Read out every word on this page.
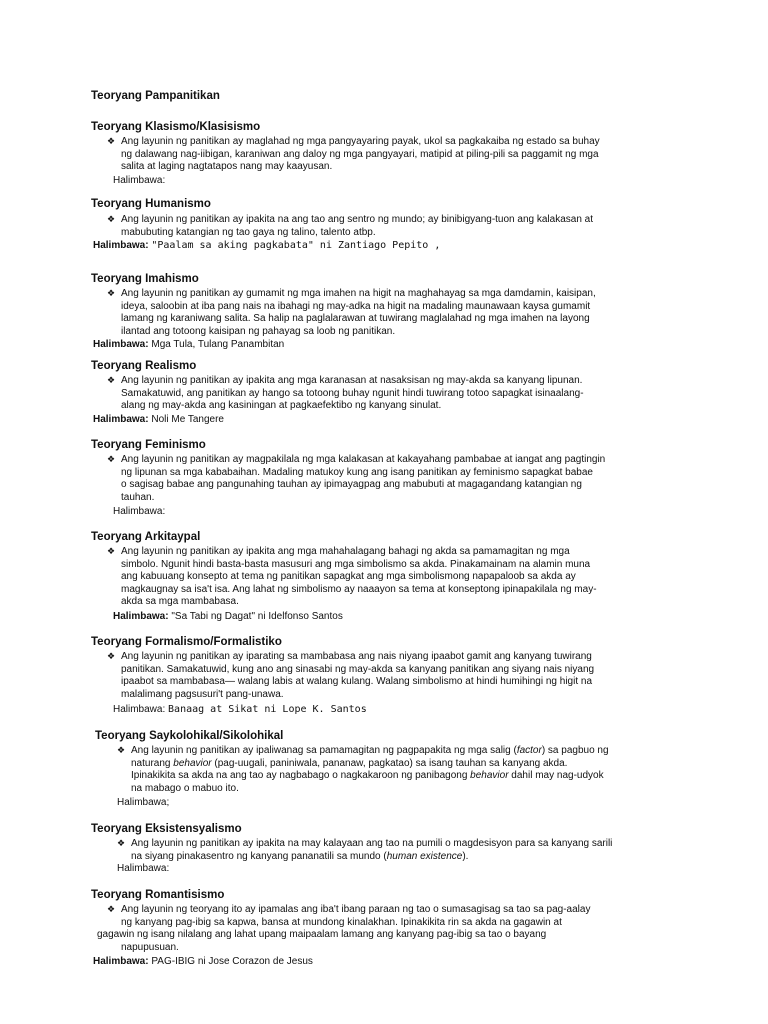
Teoryang Pampanitikan
Teoryang Klasismo/Klasisismo
❖ Ang layunin ng panitikan ay maglahad ng mga pangyayaring payak, ukol sa pagkakaiba ng estado sa buhay
ng dalawang nag-iibigan, karaniwan ang daloy ng mga pangyayari, matipid at piling-pili sa paggamit ng mga
salita at laging nagtatapos nang may kaayusan.
Halimbawa:
Teoryang Humanismo
❖ Ang layunin ng panitikan ay ipakita na ang tao ang sentro ng mundo; ay binibigyang-tuon ang kalakasan at
mabubuting katangian ng tao gaya ng talino, talento atbp.
Halimbawa: "Paalam sa aking pagkabata" ni Zantiago Pepito ,
Teoryang Imahismo
❖ Ang layunin ng panitikan ay gumamit ng mga imahen na higit na maghahayag sa mga damdamin, kaisipan,
ideya, saloobin at iba pang nais na ibahagi ng may-adka na higit na madaling maunawaan kaysa gumamit
lamang ng karaniwang salita. Sa halip na paglalarawan at tuwirang maglalahad ng mga imahen na layong
ilantad ang totoong kaisipan ng pahayag sa loob ng panitikan.
Halimbawa: Mga Tula, Tulang Panambitan
Teoryang Realismo
❖ Ang layunin ng panitikan ay ipakita ang mga karanasan at nasaksisan ng may-akda sa kanyang lipunan.
Samakatuwid, ang panitikan ay hango sa totoong buhay ngunit hindi tuwirang totoo sapagkat isinaalang-
alang ng may-akda ang kasiningan at pagkaefektibo ng kanyang sinulat.
Halimbawa: Noli Me Tangere
Teoryang Feminismo
❖ Ang layunin ng panitikan ay magpakilala ng mga kalakasan at kakayahang pambabae at iangat ang pagtingin
ng lipunan sa mga kababaihan. Madaling matukoy kung ang isang panitikan ay feminismo sapagkat babae
o sagisag babae ang pangunahing tauhan ay ipimayagpag ang mabubuti at magagandang katangian ng
tauhan.
Halimbawa:
Teoryang Arkitaypal
❖ Ang layunin ng panitikan ay ipakita ang mga mahahalagang bahagi ng akda sa pamamagitan ng mga
simbolo. Ngunit hindi basta-basta masusuri ang mga simbolismo sa akda. Pinakamainam na alamin muna
ang kabuuang konsepto at tema ng panitikan sapagkat ang mga simbolismong napapaloob sa akda ay
magkaugnay sa isa't isa. Ang lahat ng simbolismo ay naaayon sa tema at konseptong ipinapakilala ng may-
akda sa mga mambabasa.
Halimbawa: "Sa Tabi ng Dagat" ni Idelfonso Santos
Teoryang Formalismo/Formalistiko
❖ Ang layunin ng panitikan ay iparating sa mambabasa ang nais niyang ipaabot gamit ang kanyang tuwirang
panitikan. Samakatuwid, kung ano ang sinasabi ng may-akda sa kanyang panitikan ang siyang nais niyang
ipaabot sa mambabasa— walang labis at walang kulang. Walang simbolismo at hindi humihingi ng higit na
malalimang pagsusuri't pang-unawa.
Halimbawa: Banaag at Sikat ni Lope K. Santos
Teoryang Saykolohikal/Sikolohikal
❖ Ang layunin ng panitikan ay ipaliwanag sa pamamagitan ng pagpapakita ng mga salig (factor) sa pagbuo ng
naturang behavior (pag-uugali, paniniwala, pananaw, pagkatao) sa isang tauhan sa kanyang akda.
Ipinakikita sa akda na ang tao ay nagbabago o nagkakaroon ng panibagong behavior dahil may nag-udyok
na mabago o mabuo ito.
Halimbawa;
Teoryang Eksistensyalismo
❖ Ang layunin ng panitikan ay ipakita na may kalayaan ang tao na pumili o magdesisyon para sa kanyang sarili
na siyang pinakasentro ng kanyang pananatili sa mundo (human existence).
Halimbawa:
Teoryang Romantisismo
❖ Ang layunin ng teoryang ito ay ipamalas ang iba't ibang paraan ng tao o sumasagisag sa tao sa pag-aalay
ng kanyang pag-ibig sa kapwa, bansa at mundong kinalakhan. Ipinakikita rin sa akda na gagawin at
gagawin ng isang nilalang ang lahat upang maipaalam lamang ang kanyang pag-ibig sa tao o bayang
napupusuan.
Halimbawa: PAG-IBIG ni Jose Corazon de Jesus
